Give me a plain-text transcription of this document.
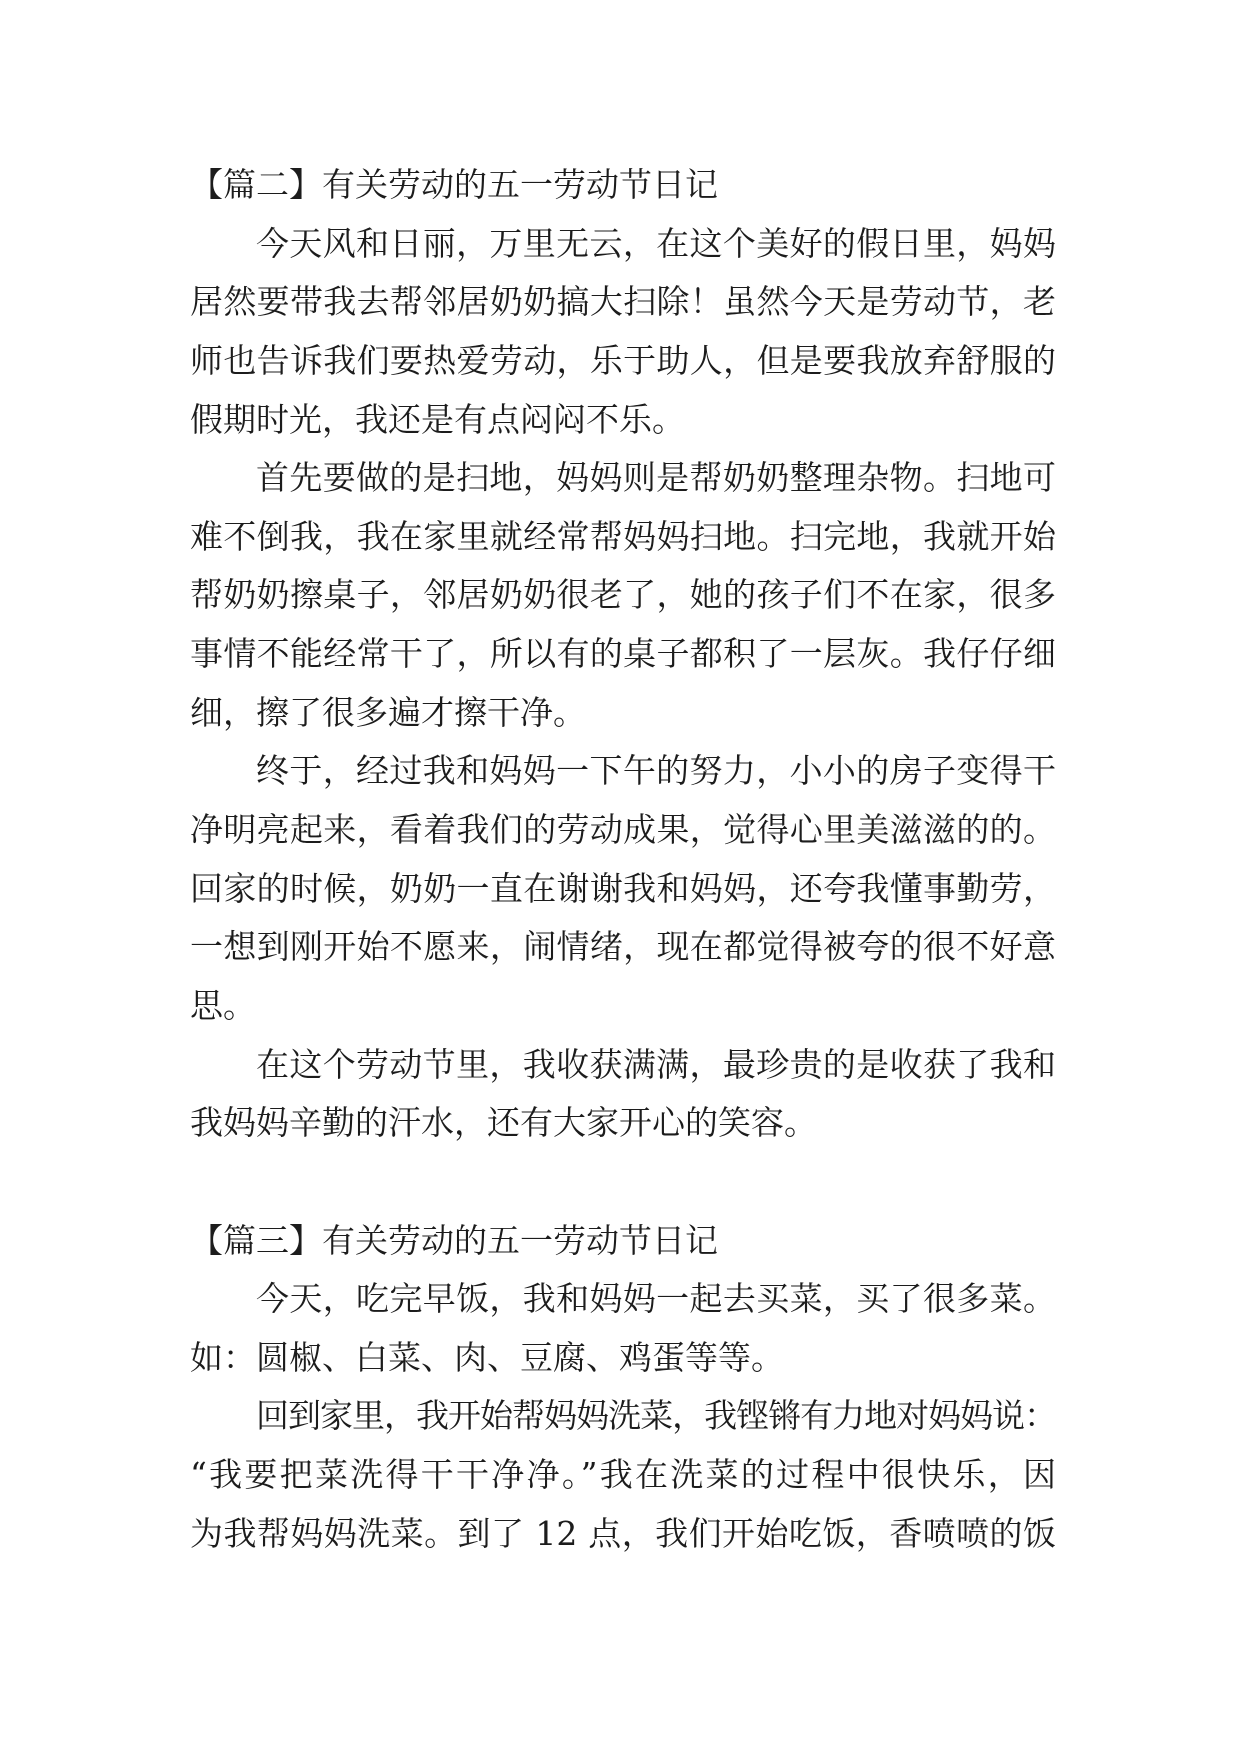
【篇二】有关劳动的五一劳动节日记
今天风和日丽，万里无云，在这个美好的假日里，妈妈
居然要带我去帮邻居奶奶搞大扫除！虽然今天是劳动节，老
师也告诉我们要热爱劳动，乐于助人，但是要我放弃舒服的
假期时光，我还是有点闷闷不乐。
首先要做的是扫地，妈妈则是帮奶奶整理杂物。扫地可
难不倒我，我在家里就经常帮妈妈扫地。扫完地，我就开始
帮奶奶擦桌子，邻居奶奶很老了，她的孩子们不在家，很多
事情不能经常干了，所以有的桌子都积了一层灰。我仔仔细
细，擦了很多遍才擦干净。
终于，经过我和妈妈一下午的努力，小小的房子变得干
净明亮起来，看着我们的劳动成果，觉得心里美滋滋的的。
回家的时候，奶奶一直在谢谢我和妈妈，还夸我懂事勤劳，
一想到刚开始不愿来，闹情绪，现在都觉得被夸的很不好意
思。
在这个劳动节里，我收获满满，最珍贵的是收获了我和
我妈妈辛勤的汗水，还有大家开心的笑容。
【篇三】有关劳动的五一劳动节日记
今天，吃完早饭，我和妈妈一起去买菜，买了很多菜。
如：圆椒、白菜、肉、豆腐、鸡蛋等等。
回到家里，我开始帮妈妈洗菜，我铿锵有力地对妈妈说：
“我要把菜洗得干干净净。”我在洗菜的过程中很快乐，因
为我帮妈妈洗菜。到了 12 点，我们开始吃饭，香喷喷的饭
